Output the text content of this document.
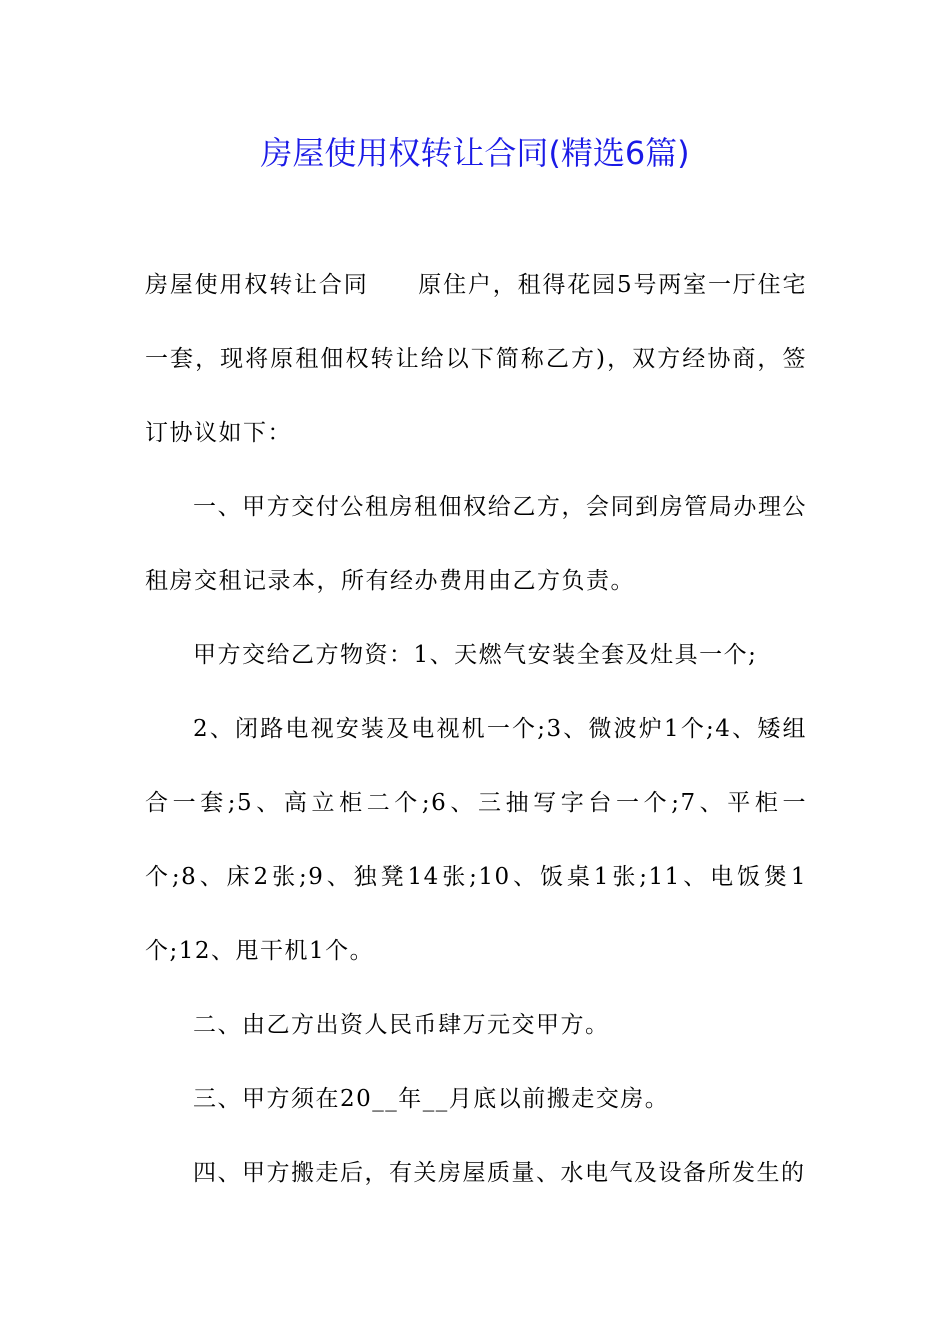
房屋使用权转让合同(精选6篇)

房屋使用权转让合同　　原住户，租得花园5号两室一厅住宅一套，现将原租佃权转让给以下简称乙方)，双方经协商，签订协议如下：

一、甲方交付公租房租佃权给乙方，会同到房管局办理公租房交租记录本，所有经办费用由乙方负责。

甲方交给乙方物资：1、天燃气安装全套及灶具一个;

2、闭路电视安装及电视机一个;3、微波炉1个;4、矮组合一套;5、高立柜二个;6、三抽写字台一个;7、平柜一个;8、床2张;9、独凳14张;10、饭桌1张;11、电饭煲1个;12、甩干机1个。

二、由乙方出资人民币肆万元交甲方。

三、甲方须在20__年__月底以前搬走交房。

四、甲方搬走后，有关房屋质量、水电气及设备所发生的
